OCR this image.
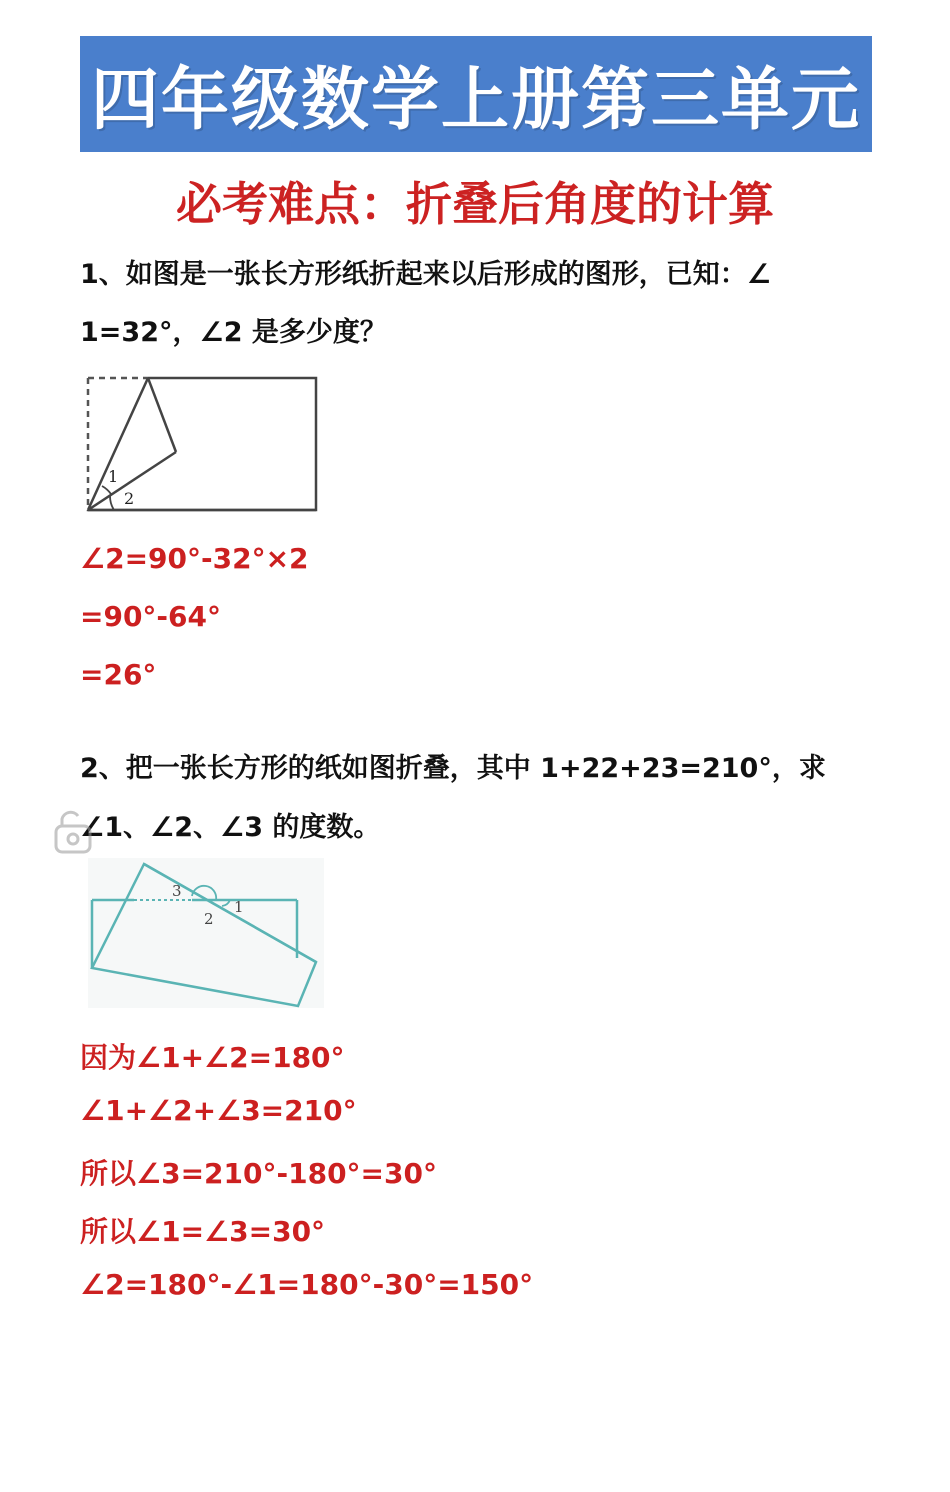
四年级数学上册第三单元
必考难点：折叠后角度的计算
1、如图是一张长方形纸折起来以后形成的图形，已知：∠
1=32°，∠2 是多少度？
1
2
∠2=90°-32°×2
=90°-64°
=26°
2、把一张长方形的纸如图折叠，其中 1+22+23=210°，求
∠1、∠2、∠3 的度数。
3
1
2
因为∠1+∠2=180°
∠1+∠2+∠3=210°
所以∠3=210°-180°=30°
所以∠1=∠3=30°
∠2=180°-∠1=180°-30°=150°
